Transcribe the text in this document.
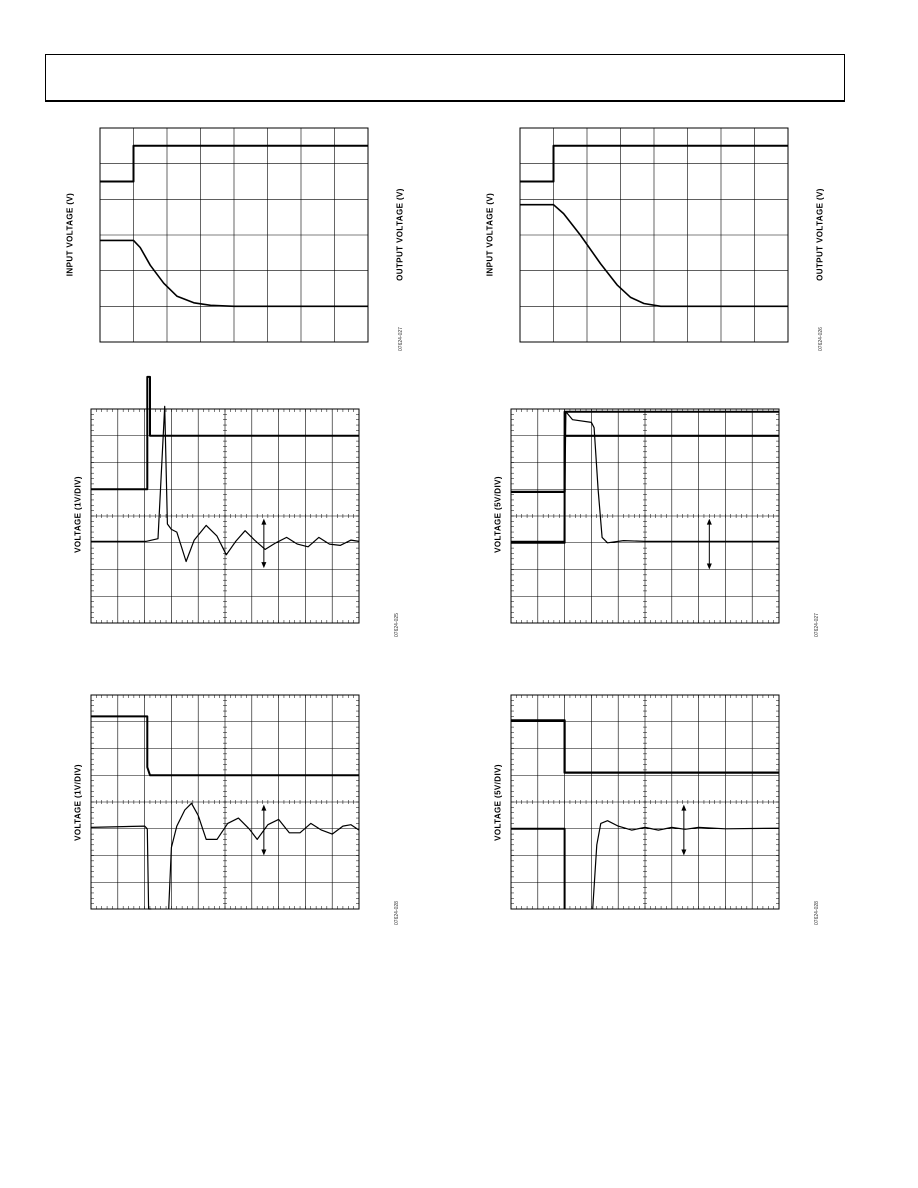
INPUT VOLTAGE (V)	OUTPUT VOLTAGE (V)
07624-027
INPUT VOLTAGE (V)	OUTPUT VOLTAGE (V)
07624-026
VOLTAGE (1V/DIV)
07624-025
VOLTAGE (5V/DIV)
07624-027
VOLTAGE (1V/DIV)
07624-028
VOLTAGE (5V/DIV)
07624-028
